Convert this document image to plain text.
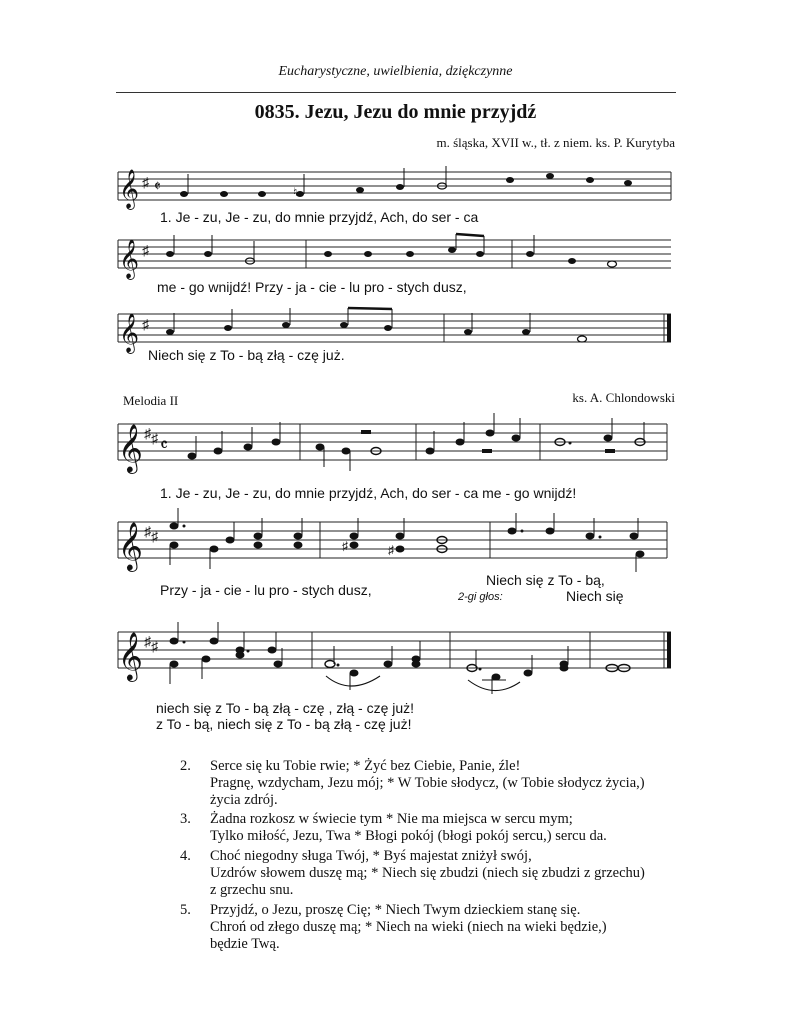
Eucharystyczne, uwielbienia, dziękczynne
0835. Jezu, Jezu do mnie przyjdź
m. śląska, XVII w., tł. z niem. ks. P. Kurytyba
𝄞 ♯ 𝄵	♮
1. Je - zu, Je - zu, do mnie przyjdź, Ach, do ser - ca
𝄞 ♯
me - go wnijdź! Przy - ja - cie - lu pro - stych dusz,
𝄞 ♯
Niech się z To - bą złą - czę już.
Melodia II	ks. A. Chlondowski
𝄞 ♯ ♯ 𝄴
1. Je - zu, Je - zu, do mnie przyjdź, Ach, do ser - ca me - go wnijdź!
𝄞 ♯ ♯
♯	♯
Przy - ja - cie - lu pro - stych dusz,	2-gi głos:
Niech się z To - bą,
Niech się
𝄞 ♯ ♯
niech się z To - bą złą - czę , złą - czę już!
z To - bą, niech się z To - bą złą - czę już!
2. Serce się ku Tobie rwie; * Żyć bez Ciebie, Panie, źle!
Pragnę, wzdycham, Jezu mój; * W Tobie słodycz, (w Tobie słodycz życia,)
życia zdrój.
3. Żadna rozkosz w świecie tym * Nie ma miejsca w sercu mym;
Tylko miłość, Jezu, Twa * Błogi pokój (błogi pokój sercu,) sercu da.
4. Choć niegodny sługa Twój, * Byś majestat zniżył swój,
Uzdrów słowem duszę mą; * Niech się zbudzi (niech się zbudzi z grzechu)
z grzechu snu.
5. Przyjdź, o Jezu, proszę Cię; * Niech Twym dzieckiem stanę się.
Chroń od złego duszę mą; * Niech na wieki (niech na wieki będzie,)
będzie Twą.
